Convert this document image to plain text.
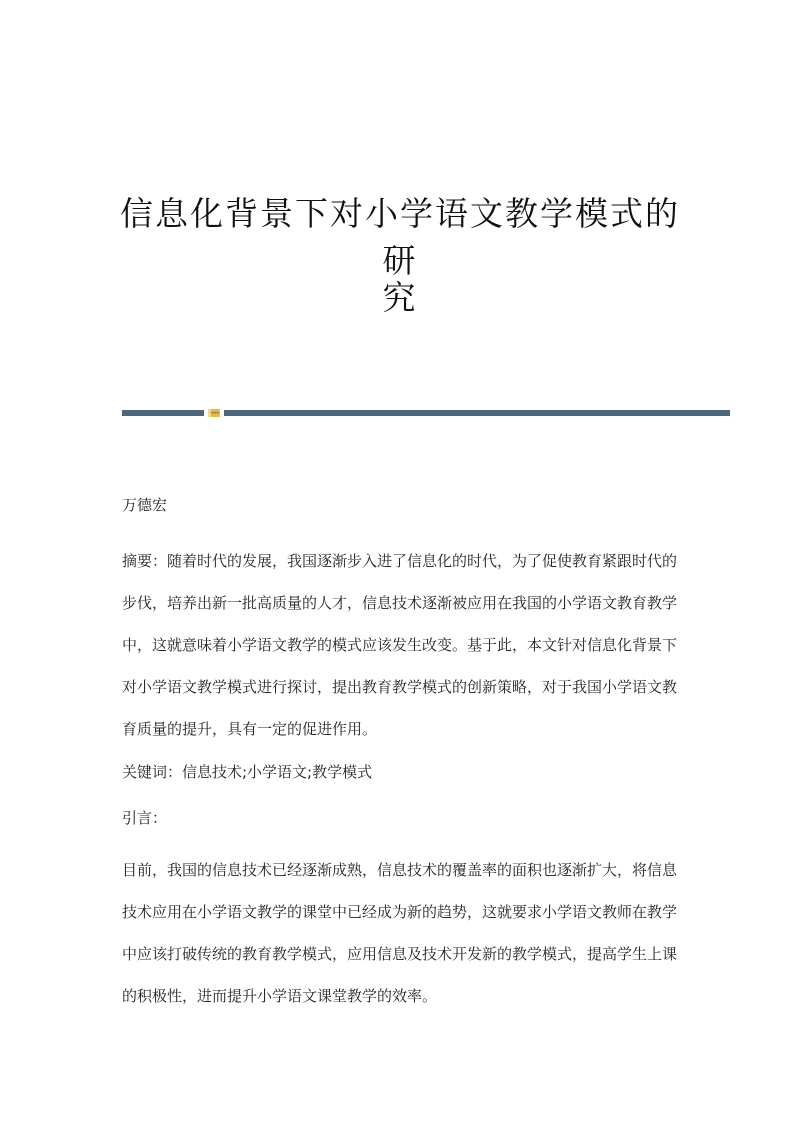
信息化背景下对小学语文教学模式的研
究

万德宏

摘要：随着时代的发展，我国逐渐步入进了信息化的时代，为了促使教育紧跟时代的步伐，培养出新一批高质量的人才，信息技术逐渐被应用在我国的小学语文教育教学中，这就意味着小学语文教学的模式应该发生改变。基于此，本文针对信息化背景下对小学语文教学模式进行探讨，提出教育教学模式的创新策略，对于我国小学语文教育质量的提升，具有一定的促进作用。

关键词：信息技术;小学语文;教学模式

引言：

目前，我国的信息技术已经逐渐成熟，信息技术的覆盖率的面积也逐渐扩大，将信息技术应用在小学语文教学的课堂中已经成为新的趋势，这就要求小学语文教师在教学中应该打破传统的教育教学模式，应用信息及技术开发新的教学模式，提高学生上课的积极性，进而提升小学语文课堂教学的效率。
